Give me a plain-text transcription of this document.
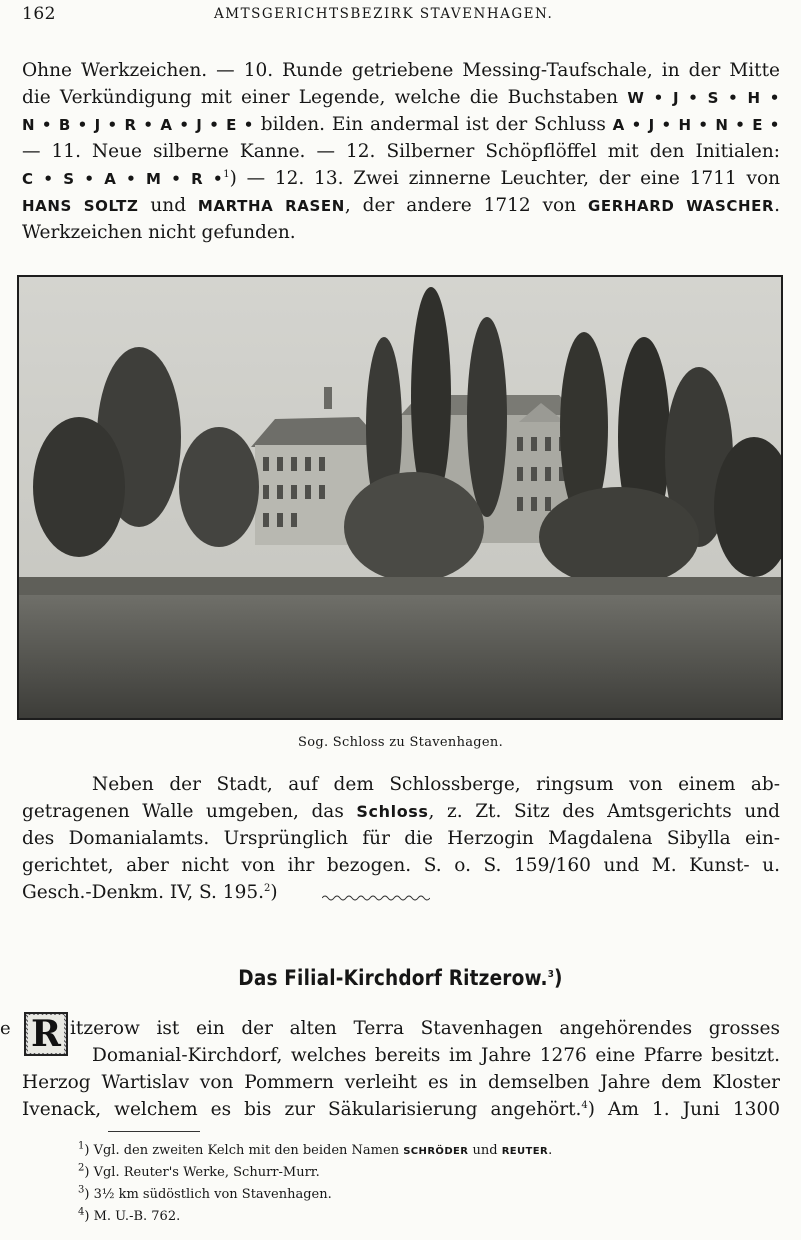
162	AMTSGERICHTSBEZIRK STAVENHAGEN.
Ohne Werkzeichen. — 10. Runde getriebene Messing-Taufschale, in der Mitte
die Verkündigung mit einer Legende, welche die Buchstaben W • J • S • H •
N • B • J • R • A • J • E • bilden. Ein andermal ist der Schluss A • J • H • N • E •
— 11. Neue silberne Kanne. — 12. Silberner Schöpflöffel mit den Initialen:
C • S • A • M • R •$^1$) — 12. 13. Zwei zinnerne Leuchter, der eine 1711 von
HANS SOLTZ und MARTHA RASEN, der andere 1712 von GERHARD WASCHER.
Werkzeichen nicht gefunden.
Sog. Schloss zu Stavenhagen.
Neben der Stadt, auf dem Schlossberge, ringsum von einem ab-
getragenen Walle umgeben, das Schloss, z. Zt. Sitz des Amtsgerichts und
des Domanialamts. Ursprünglich für die Herzogin Magdalena Sibylla ein-
gerichtet, aber nicht von ihr bezogen. S. o. S. 159/160 und M. Kunst- u.
Gesch.-Denkm. IV, S. 195.$^2$)
Das Filial-Kirchdorf Ritzerow.$^3$)
e R itzerow ist ein der alten Terra Stavenhagen angehörendes grosses
Domanial-Kirchdorf, welches bereits im Jahre 1276 eine Pfarre besitzt.
Herzog Wartislav von Pommern verleiht es in demselben Jahre dem Kloster
Ivenack, welchem es bis zur Säkularisierung angehört.$^4$) Am 1. Juni 1300
$^1$) Vgl. den zweiten Kelch mit den beiden Namen SCHRÖDER und REUTER.
$^2$) Vgl. Reuter's Werke, Schurr-Murr.
$^3$) 3½ km südöstlich von Stavenhagen.
$^4$) M. U.-B. 762.
